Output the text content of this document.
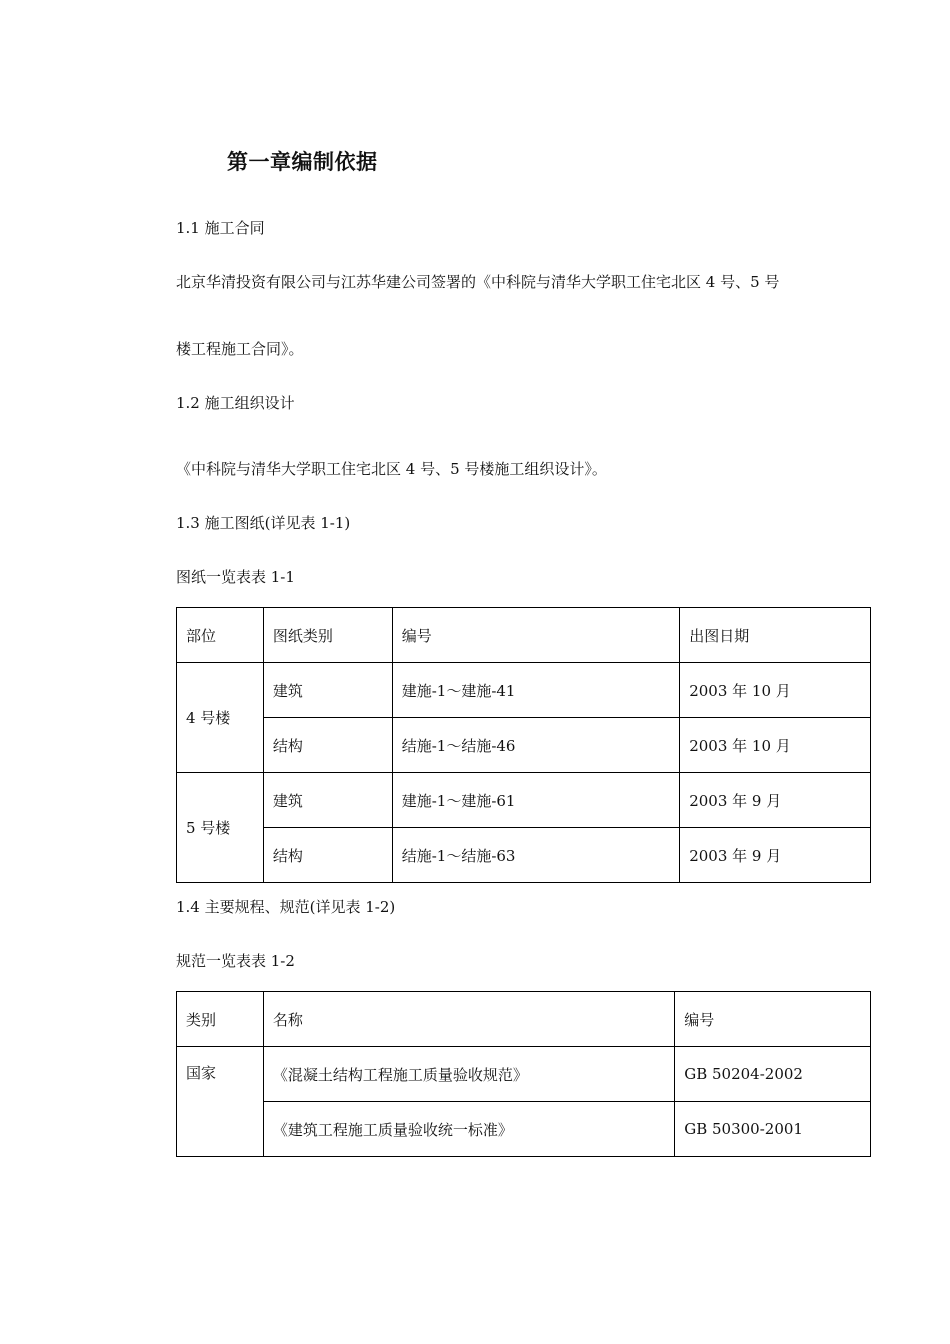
第一章编制依据
1.1 施工合同
北京华清投资有限公司与江苏华建公司签署的《中科院与清华大学职工住宅北区 4 号、5 号
楼工程施工合同》。
1.2 施工组织设计
《中科院与清华大学职工住宅北区 4 号、5 号楼施工组织设计》。
1.3 施工图纸(详见表 1-1)
图纸一览表表 1-1
部位	图纸类别	编号	出图日期
4 号楼	建筑	建施-1～建施-41	2003 年 10 月
	结构	结施-1～结施-46	2003 年 10 月
5 号楼	建筑	建施-1～建施-61	2003 年 9 月
	结构	结施-1～结施-63	2003 年 9 月
1.4 主要规程、规范(详见表 1-2)
规范一览表表 1-2
类别	名称	编号
国家	《混凝土结构工程施工质量验收规范》	GB 50204-2002
	《建筑工程施工质量验收统一标准》	GB 50300-2001
